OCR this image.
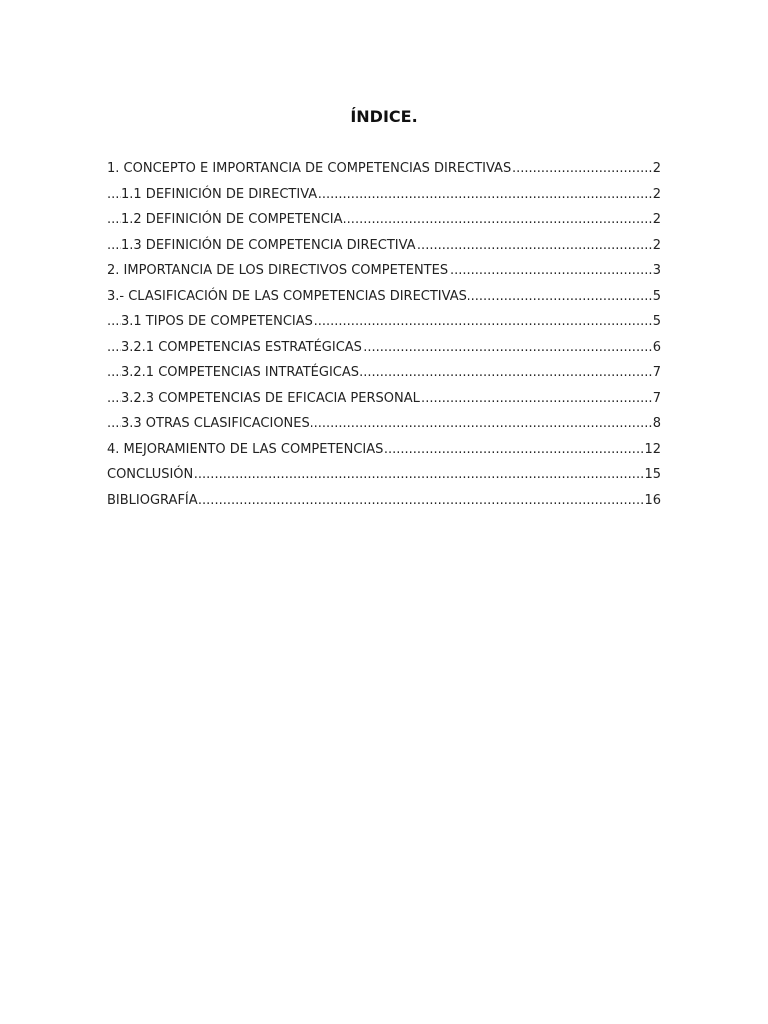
ÍNDICE.
.....
1. CONCEPTO E IMPORTANCIA DE COMPETENCIAS DIRECTIVAS	2
.....
1.1 DEFINICIÓN DE DIRECTIVA	2
.....
1.2 DEFINICIÓN DE COMPETENCIA	2
.....
1.3 DEFINICIÓN DE COMPETENCIA DIRECTIVA	2
.....
2. IMPORTANCIA DE LOS DIRECTIVOS COMPETENTES	3
.....
3.- CLASIFICACIÓN DE LAS COMPETENCIAS DIRECTIVAS	5
.....
3.1 TIPOS DE COMPETENCIAS	5
.....
3.2.1 COMPETENCIAS ESTRATÉGICAS	6
.....
3.2.1 COMPETENCIAS INTRATÉGICAS	7
.....
3.2.3 COMPETENCIAS DE EFICACIA PERSONAL	7
.....
3.3 OTRAS CLASIFICACIONES	8
.....
4. MEJORAMIENTO DE LAS COMPETENCIAS	12
.....
CONCLUSIÓN	15
.....
BIBLIOGRAFÍA	16
